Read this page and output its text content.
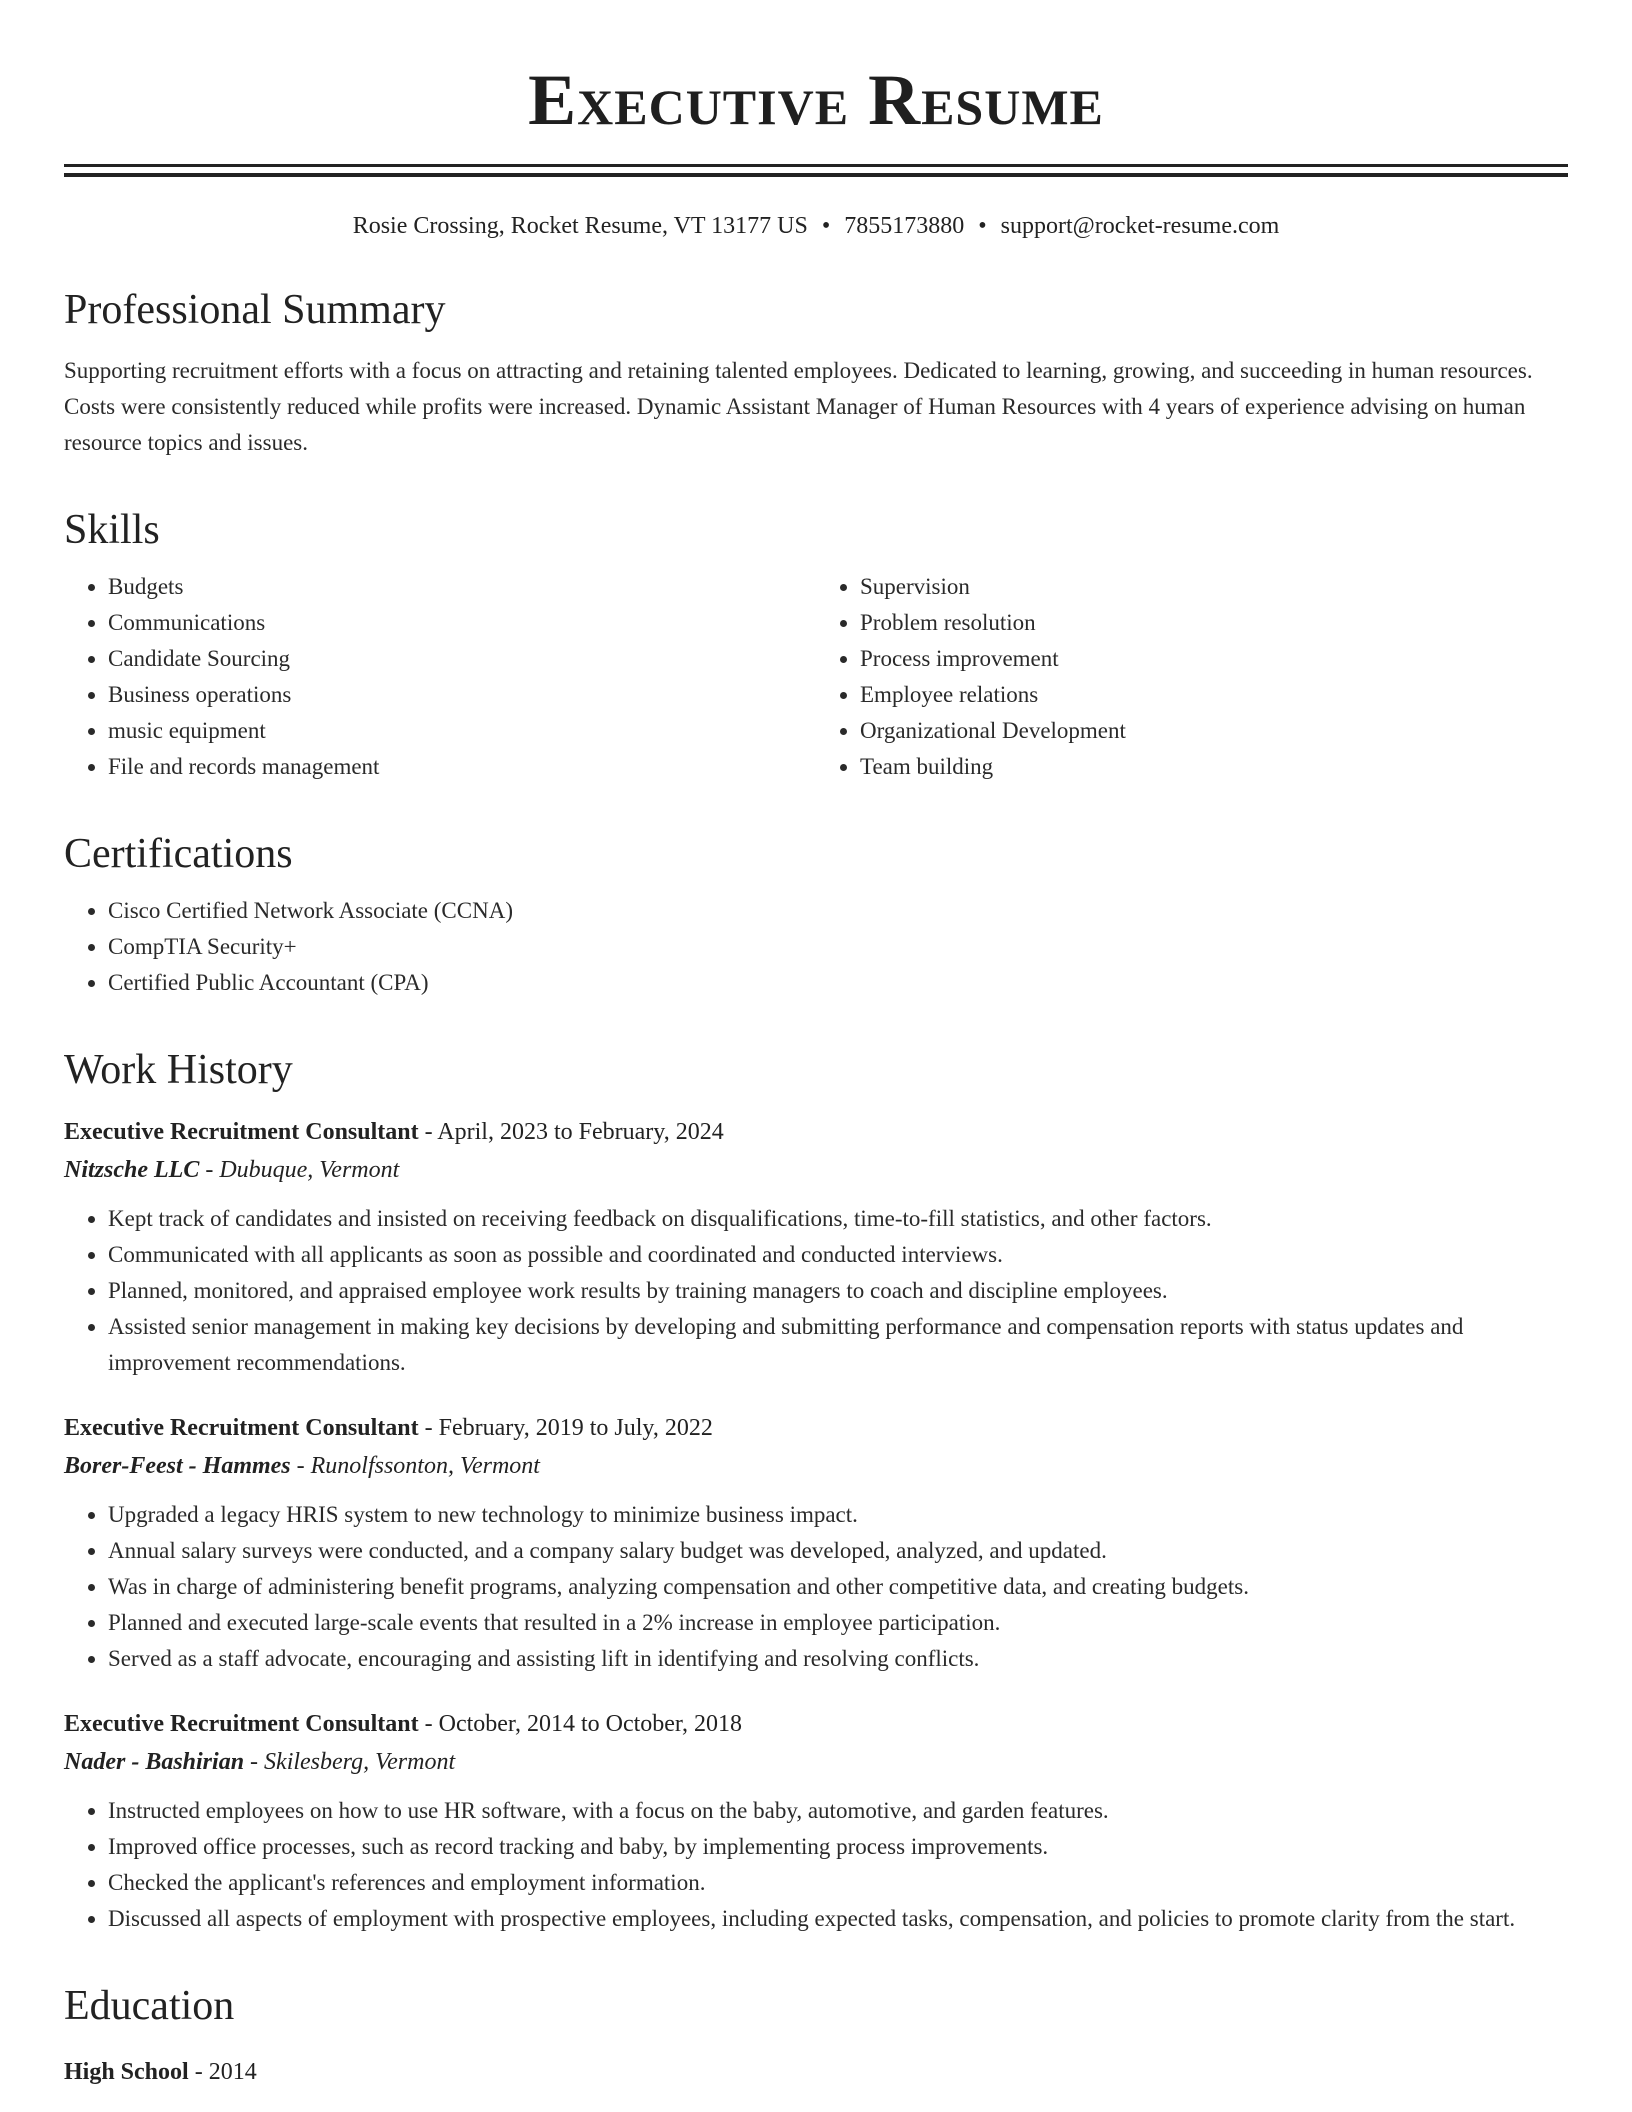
Executive Resume
Rosie Crossing, Rocket Resume, VT 13177 US • 7855173880 • support@rocket-resume.com
Professional Summary

Supporting recruitment efforts with a focus on attracting and retaining talented employees. Dedicated to learning, growing, and succeeding in human resources. Costs were consistently reduced while profits were increased. Dynamic Assistant Manager of Human Resources with 4 years of experience advising on human resource topics and issues.

Skills
• Budgets
• Communications
• Candidate Sourcing
• Business operations
• music equipment
• File and records management
• Supervision
• Problem resolution
• Process improvement
• Employee relations
• Organizational Development
• Team building
Certifications
• Cisco Certified Network Associate (CCNA)
• CompTIA Security+
• Certified Public Accountant (CPA)
Work History
Executive Recruitment Consultant - April, 2023 to February, 2024
Nitzsche LLC - Dubuque, Vermont
• Kept track of candidates and insisted on receiving feedback on disqualifications, time-to-fill statistics, and other factors.
• Communicated with all applicants as soon as possible and coordinated and conducted interviews.
• Planned, monitored, and appraised employee work results by training managers to coach and discipline employees.
• Assisted senior management in making key decisions by developing and submitting performance and compensation reports with status updates and improvement recommendations.
Executive Recruitment Consultant - February, 2019 to July, 2022
Borer-Feest - Hammes - Runolfssonton, Vermont
• Upgraded a legacy HRIS system to new technology to minimize business impact.
• Annual salary surveys were conducted, and a company salary budget was developed, analyzed, and updated.
• Was in charge of administering benefit programs, analyzing compensation and other competitive data, and creating budgets.
• Planned and executed large-scale events that resulted in a 2% increase in employee participation.
• Served as a staff advocate, encouraging and assisting lift in identifying and resolving conflicts.
Executive Recruitment Consultant - October, 2014 to October, 2018
Nader - Bashirian - Skilesberg, Vermont
• Instructed employees on how to use HR software, with a focus on the baby, automotive, and garden features.
• Improved office processes, such as record tracking and baby, by implementing process improvements.
• Checked the applicant's references and employment information.
• Discussed all aspects of employment with prospective employees, including expected tasks, compensation, and policies to promote clarity from the start.
Education
High School - 2014
